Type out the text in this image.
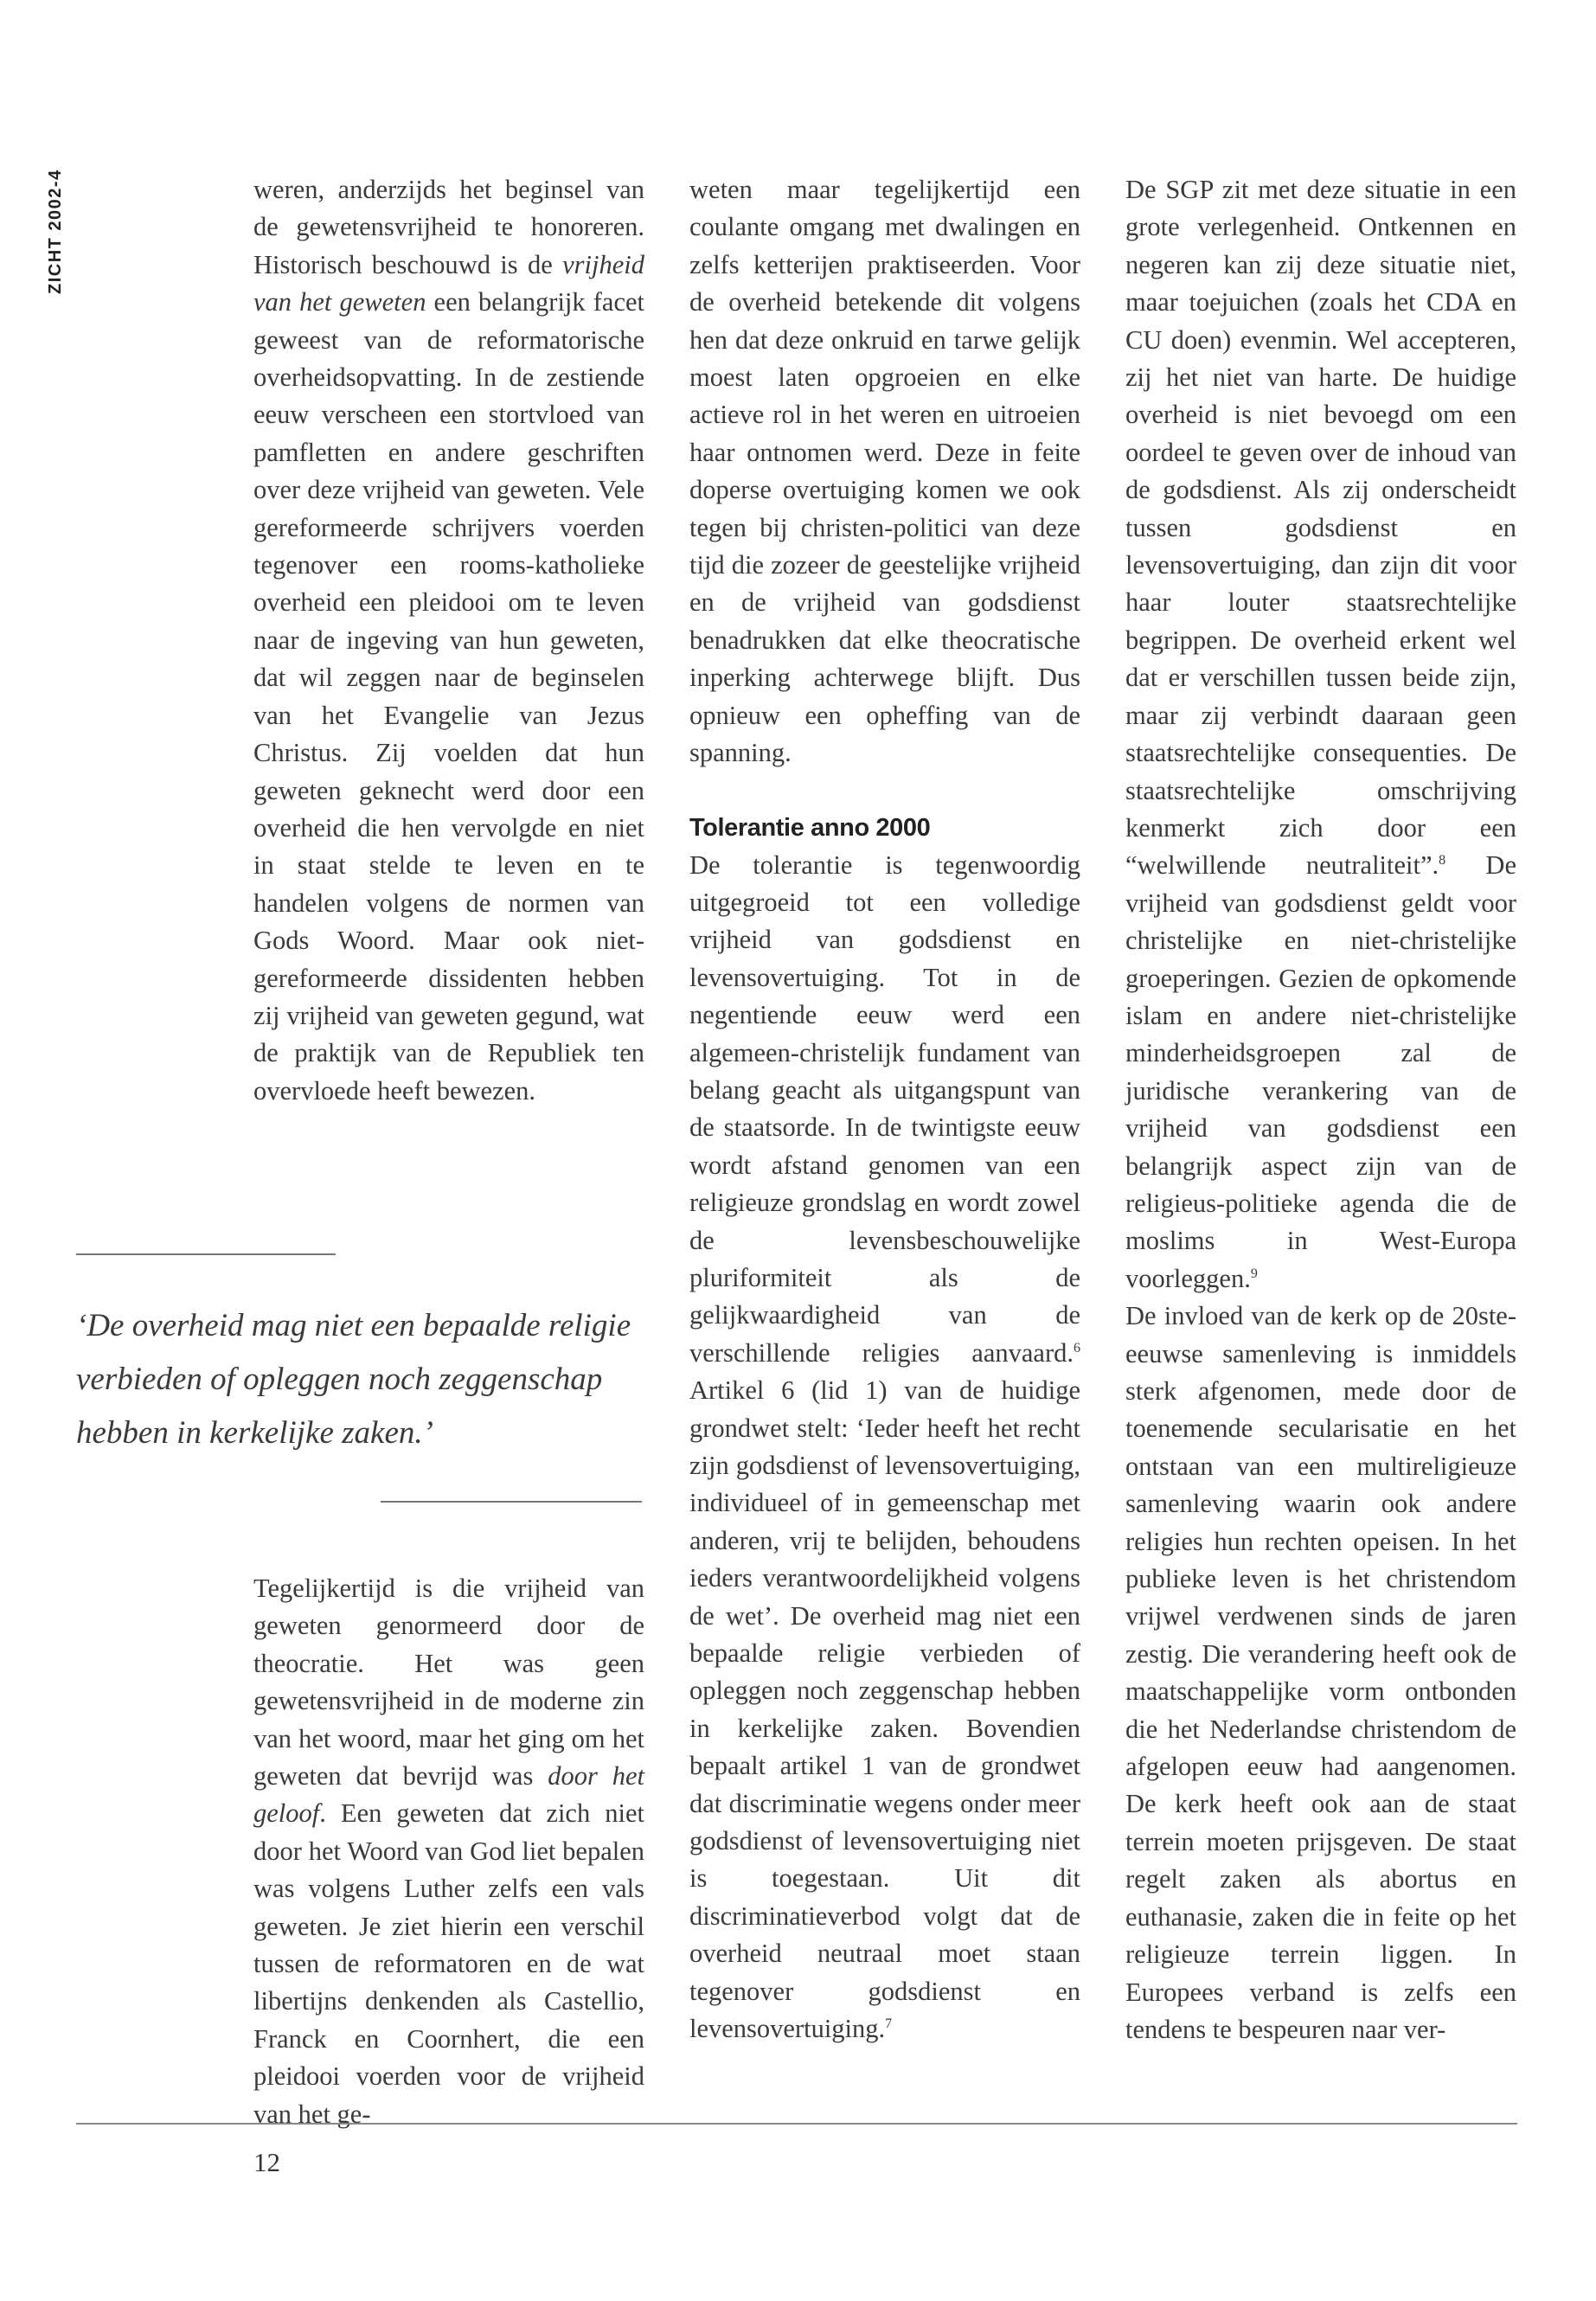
ZICHT 2002-4	weren, anderzijds het beginsel van de gewetensvrijheid te honoreren. Historisch beschouwd is de vrijheid van het geweten een belangrijk facet geweest van de reformatorische overheidsopvatting. In de zestiende eeuw verscheen een stortvloed van pamfletten en andere geschriften over deze vrijheid van geweten. Vele gereformeerde schrijvers voerden tegenover een rooms-katholieke overheid een pleidooi om te leven naar de ingeving van hun geweten, dat wil zeggen naar de beginselen van het Evangelie van Jezus Christus. Zij voelden dat hun geweten geknecht werd door een overheid die hen vervolgde en niet in staat stelde te leven en te handelen volgens de normen van Gods Woord. Maar ook niet-gereformeerde dissidenten hebben zij vrijheid van geweten gegund, wat de praktijk van de Republiek ten overvloede heeft bewezen.

‘De overheid mag niet een bepaalde religie verbieden of opleggen noch zeggenschap hebben in kerkelijke zaken.’

Tegelijkertijd is die vrijheid van geweten genormeerd door de theocratie. Het was geen gewetensvrijheid in de moderne zin van het woord, maar het ging om het geweten dat bevrijd was door het geloof. Een geweten dat zich niet door het Woord van God liet bepalen was volgens Luther zelfs een vals geweten. Je ziet hierin een verschil tussen de reformatoren en de wat libertijns denkenden als Castellio, Franck en Coornhert, die een pleidooi voerden voor de vrijheid van het ge-

weten maar tegelijkertijd een coulante omgang met dwalingen en zelfs ketterijen praktiseerden. Voor de overheid betekende dit volgens hen dat deze onkruid en tarwe gelijk moest laten opgroeien en elke actieve rol in het weren en uitroeien haar ontnomen werd. Deze in feite doperse overtuiging komen we ook tegen bij christen-politici van deze tijd die zozeer de geestelijke vrijheid en de vrijheid van godsdienst benadrukken dat elke theocratische inperking achterwege blijft. Dus opnieuw een opheffing van de spanning.

Tolerantie anno 2000

De tolerantie is tegenwoordig uitgegroeid tot een volledige vrijheid van godsdienst en levensovertuiging. Tot in de negentiende eeuw werd een algemeen-christelijk fundament van belang geacht als uitgangspunt van de staatsorde. In de twintigste eeuw wordt afstand genomen van een religieuze grondslag en wordt zowel de levensbeschouwelijke pluriformiteit als de gelijkwaardigheid van de verschillende religies aanvaard.$^6$ Artikel 6 (lid 1) van de huidige grondwet stelt: ‘Ieder heeft het recht zijn godsdienst of levensovertuiging, individueel of in gemeenschap met anderen, vrij te belijden, behoudens ieders verantwoordelijkheid volgens de wet’. De overheid mag niet een bepaalde religie verbieden of opleggen noch zeggenschap hebben in kerkelijke zaken. Bovendien bepaalt artikel 1 van de grondwet dat discriminatie wegens onder meer godsdienst of levensovertuiging niet is toegestaan. Uit dit discriminatieverbod volgt dat de overheid neutraal moet staan tegenover godsdienst en levensovertuiging.$^7$

De SGP zit met deze situatie in een grote verlegenheid. Ontkennen en negeren kan zij deze situatie niet, maar toejuichen (zoals het CDA en CU doen) evenmin. Wel accepteren, zij het niet van harte. De huidige overheid is niet bevoegd om een oordeel te geven over de inhoud van de godsdienst. Als zij onderscheidt tussen godsdienst en levensovertuiging, dan zijn dit voor haar louter staatsrechtelijke begrippen. De overheid erkent wel dat er verschillen tussen beide zijn, maar zij verbindt daaraan geen staatsrechtelijke consequenties. De staatsrechtelijke omschrijving kenmerkt zich door een “welwillende neutraliteit”.$^8$ De vrijheid van godsdienst geldt voor christelijke en niet-christelijke groeperingen. Gezien de opkomende islam en andere niet-christelijke minderheidsgroepen zal de juridische verankering van de vrijheid van godsdienst een belangrijk aspect zijn van de religieus-politieke agenda die de moslims in West-Europa voorleggen.$^9$

De invloed van de kerk op de 20ste-eeuwse samenleving is inmiddels sterk afgenomen, mede door de toenemende secularisatie en het ontstaan van een multireligieuze samenleving waarin ook andere religies hun rechten opeisen. In het publieke leven is het christendom vrijwel verdwenen sinds de jaren zestig. Die verandering heeft ook de maatschappelijke vorm ontbonden die het Nederlandse christendom de afgelopen eeuw had aangenomen. De kerk heeft ook aan de staat terrein moeten prijsgeven. De staat regelt zaken als abortus en euthanasie, zaken die in feite op het religieuze terrein liggen. In Europees verband is zelfs een tendens te bespeuren naar ver-

12
